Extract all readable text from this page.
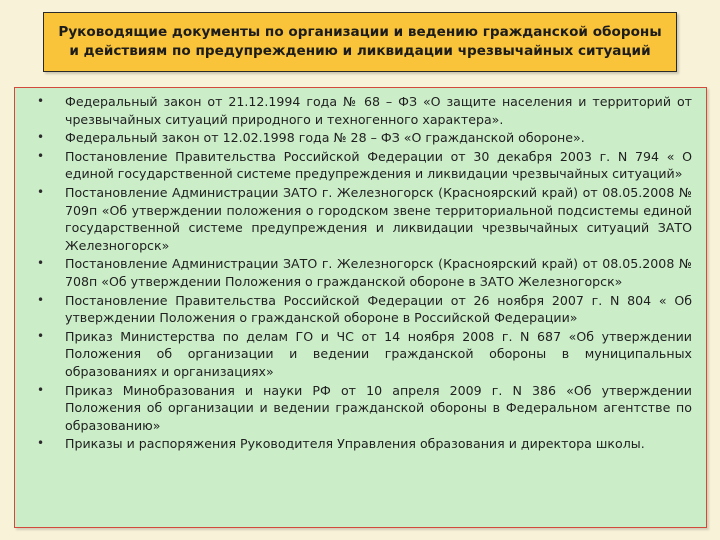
Руководящие документы по организации и ведению гражданской обороны
и действиям по предупреждению и ликвидации чрезвычайных ситуаций
• Федеральный закон от 21.12.1994 года № 68 – ФЗ «О защите населения и территорий от чрезвычайных ситуаций природного и техногенного характера».
• Федеральный закон от 12.02.1998 года № 28 – ФЗ «О гражданской обороне».
• Постановление Правительства Российской Федерации от 30 декабря 2003 г. N 794 « О единой государственной системе предупреждения и ликвидации чрезвычайных ситуаций»
• Постановление Администрации ЗАТО г. Железногорск (Красноярский край) от 08.05.2008 № 709п «Об утверждении положения о городском звене территориальной подсистемы единой государственной системе предупреждения и ликвидации чрезвычайных ситуаций ЗАТО Железногорск»
• Постановление Администрации ЗАТО г. Железногорск (Красноярский край) от 08.05.2008 № 708п «Об утверждении Положения о гражданской обороне в ЗАТО Железногорск»
• Постановление Правительства Российской Федерации от 26 ноября 2007 г. N 804 « Об утверждении Положения о гражданской обороне в Российской Федерации»
• Приказ Министерства по делам ГО и ЧС от 14 ноября 2008 г. N 687 «Об утверждении Положения об организации и ведении гражданской обороны в муниципальных образованиях и организациях»
• Приказ Минобразования и науки РФ от 10 апреля 2009 г. N 386 «Об утверждении Положения об организации и ведении гражданской обороны в Федеральном агентстве по образованию»
• Приказы и распоряжения Руководителя Управления образования и директора школы.
